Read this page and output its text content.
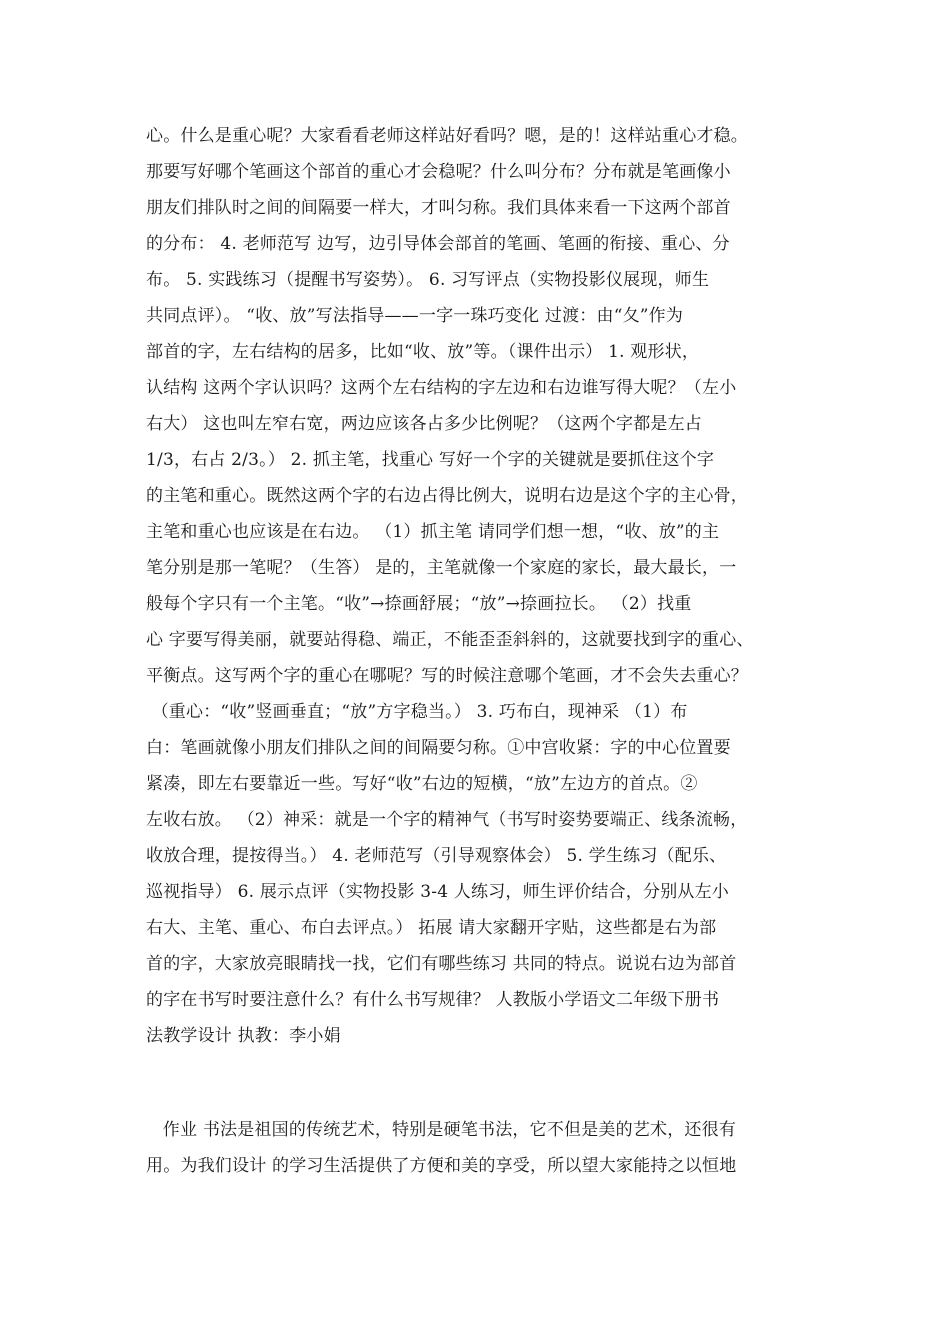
心。什么是重心呢？大家看看老师这样站好看吗？嗯，是的！这样站重心才稳。
那要写好哪个笔画这个部首的重心才会稳呢？什么叫分布？分布就是笔画像小
朋友们排队时之间的间隔要一样大，才叫匀称。我们具体来看一下这两个部首
的分布： 4. 老师范写 边写，边引导体会部首的笔画、笔画的衔接、重心、分
布。 5. 实践练习（提醒书写姿势）。 6. 习写评点（实物投影仪展现，师生
共同点评）。 “收、放”写法指导——一字一珠巧变化 过渡：由“夂”作为
部首的字，左右结构的居多，比如“收、放”等。（课件出示） 1. 观形状，
认结构 这两个字认识吗？这两个左右结构的字左边和右边谁写得大呢？（左小
右大） 这也叫左窄右宽，两边应该各占多少比例呢？（这两个字都是左占
1/3，右占 2/3。） 2. 抓主笔，找重心 写好一个字的关键就是要抓住这个字
的主笔和重心。既然这两个字的右边占得比例大，说明右边是这个字的主心骨，
主笔和重心也应该是在右边。 （1）抓主笔 请同学们想一想，“收、放”的主
笔分别是那一笔呢？（生答） 是的，主笔就像一个家庭的家长，最大最长，一
般每个字只有一个主笔。“收”→捺画舒展；“放”→捺画拉长。 （2）找重
心 字要写得美丽，就要站得稳、端正，不能歪歪斜斜的，这就要找到字的重心、
平衡点。这写两个字的重心在哪呢？写的时候注意哪个笔画，才不会失去重心？
（重心：“收”竖画垂直；“放”方字稳当。） 3. 巧布白，现神采 （1）布
白：笔画就像小朋友们排队之间的间隔要匀称。①中宫收紧：字的中心位置要
紧凑，即左右要靠近一些。写好“收”右边的短横，“放”左边方的首点。②
左收右放。 （2）神采：就是一个字的精神气（书写时姿势要端正、线条流畅，
收放合理，提按得当。） 4. 老师范写（引导观察体会） 5. 学生练习（配乐、
巡视指导） 6. 展示点评（实物投影 3-4 人练习，师生评价结合，分别从左小
右大、主笔、重心、布白去评点。） 拓展 请大家翻开字贴，这些都是右为部
首的字，大家放亮眼睛找一找，它们有哪些练习 共同的特点。说说右边为部首
的字在书写时要注意什么？有什么书写规律？ 人教版小学语文二年级下册书
法教学设计 执教：李小娟
作业 书法是祖国的传统艺术，特别是硬笔书法，它不但是美的艺术，还很有
用。为我们设计 的学习生活提供了方便和美的享受，所以望大家能持之以恒地
